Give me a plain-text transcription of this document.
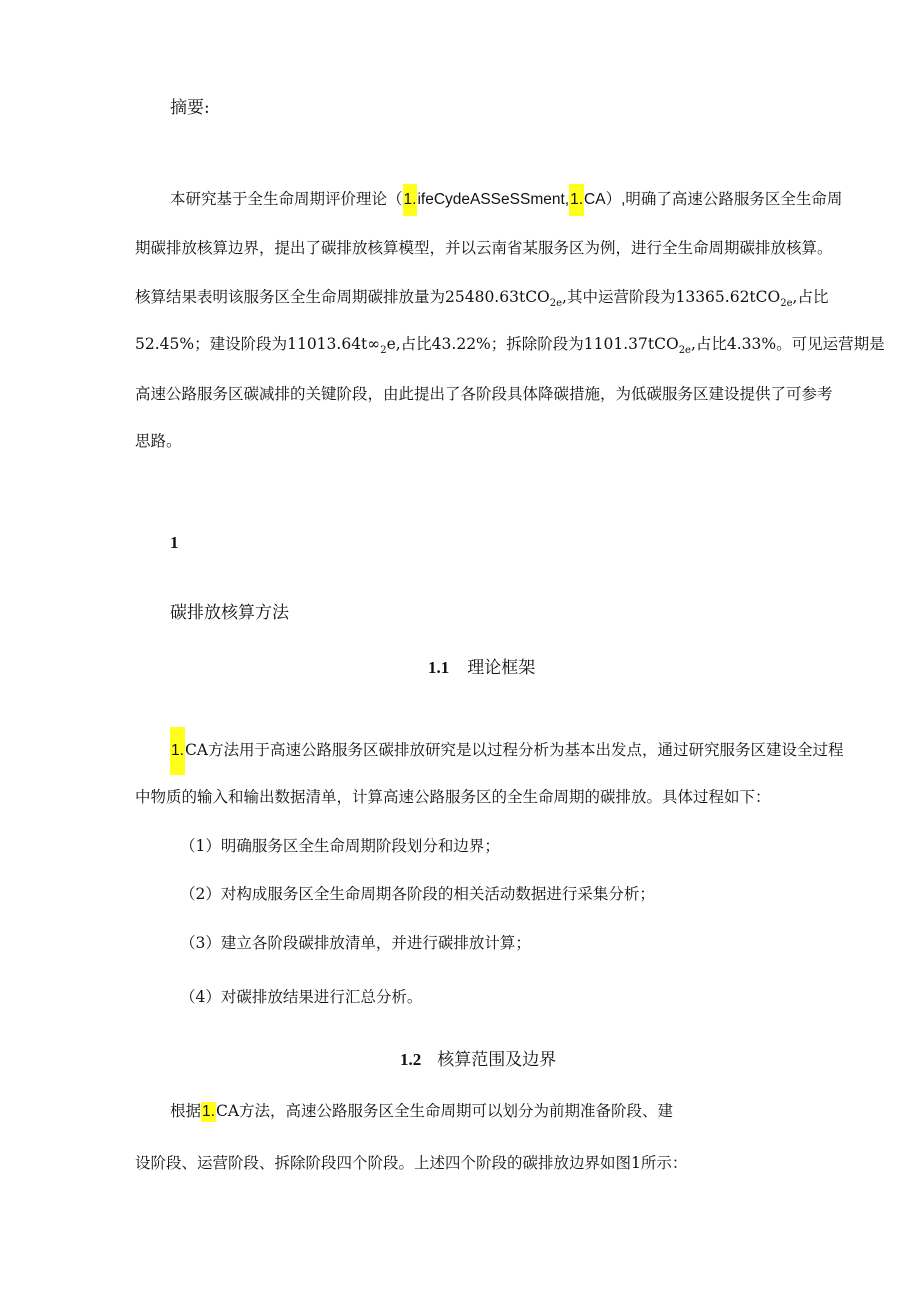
摘要:
本研究基于全生命周期评价理论（1.ifeCydeASSeSSment,1.CA）,明确了高速公路服务区全生命周
期碳排放核算边界，提出了碳排放核算模型，并以云南省某服务区为例，进行全生命周期碳排放核算。
核算结果表明该服务区全生命周期碳排放量为25480.63tCO$_{2e}$,其中运营阶段为13365.62tCO$_{2e}$,占比
52.45%；建设阶段为$11013.64t\infty_2e$,占比43.22%；拆除阶段为1101.37tCO$_{2e}$,占比4.33%。可见运营期是
高速公路服务区碳减排的关键阶段，由此提出了各阶段具体降碳措施，为低碳服务区建设提供了可参考
思路。
1
碳排放核算方法
1.1 理论框架
1.CA方法用于高速公路服务区碳排放研究是以过程分析为基本出发点，通过研究服务区建设全过程
中物质的输入和输出数据清单，计算高速公路服务区的全生命周期的碳排放。具体过程如下：
（1）明确服务区全生命周期阶段划分和边界；
（2）对构成服务区全生命周期各阶段的相关活动数据进行采集分析；
（3）建立各阶段碳排放清单，并进行碳排放计算；
（4）对碳排放结果进行汇总分析。
1.2 核算范围及边界
根据1.CA方法，高速公路服务区全生命周期可以划分为前期准备阶段、建
设阶段、运营阶段、拆除阶段四个阶段。上述四个阶段的碳排放边界如图1所示：
